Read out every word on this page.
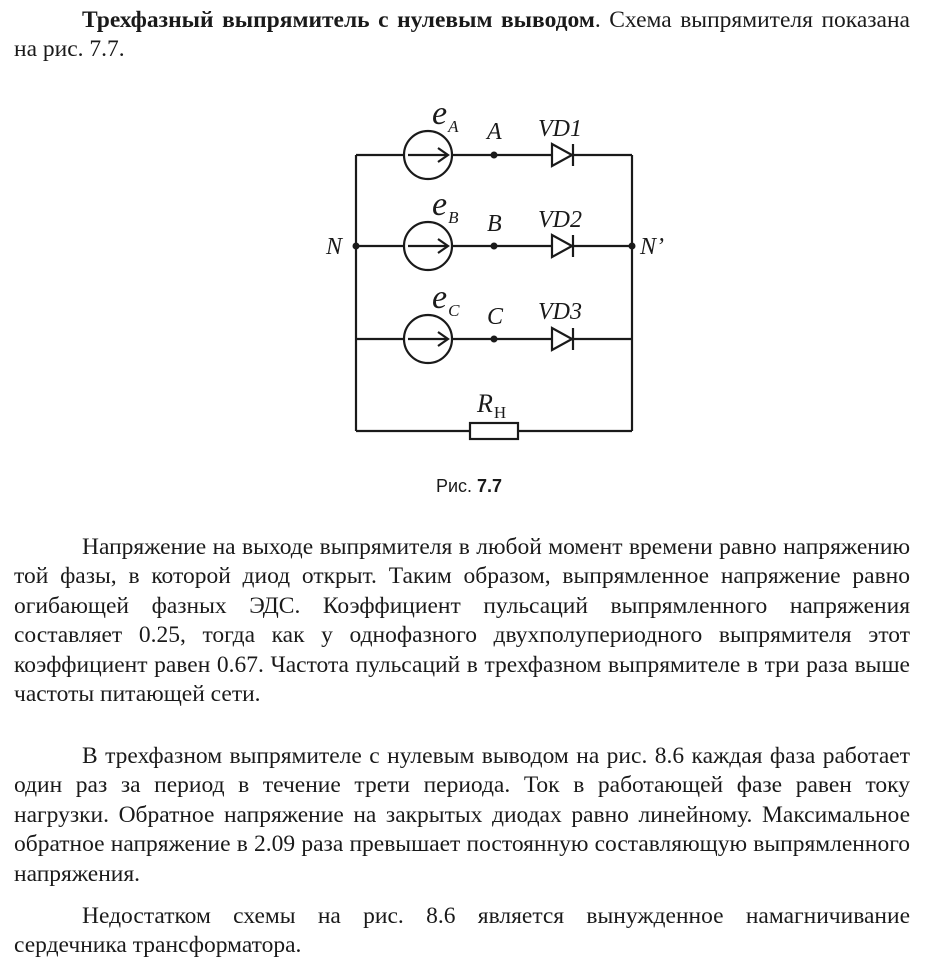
Трехфазный выпрямитель с нулевым выводом. Схема выпрямителя показана на рис. 7.7.

$e_A$
$e_B$
$e_C$
A
B
C
VD1
VD2
VD3
N	N’
$R_Н$
Рис. 7.7

Напряжение на выходе выпрямителя в любой момент времени равно напряжению той фазы, в которой диод открыт. Таким образом, выпрямленное напряжение равно огибающей фазных ЭДС. Коэффициент пульсаций выпрямленного напряжения составляет 0.25, тогда как у однофазного двухполупериодного выпрямителя этот коэффициент равен 0.67. Частота пульсаций в трехфазном выпрямителе в три раза выше частоты питающей сети.

В трехфазном выпрямителе с нулевым выводом на рис. 8.6 каждая фаза работает один раз за период в течение трети периода. Ток в работающей фазе равен току нагрузки. Обратное напряжение на закрытых диодах равно линейному. Максимальное обратное напряжение в 2.09 раза превышает постоянную составляющую выпрямленного напряжения.

Недостатком схемы на рис. 8.6 является вынужденное намагничивание сердечника трансформатора.
